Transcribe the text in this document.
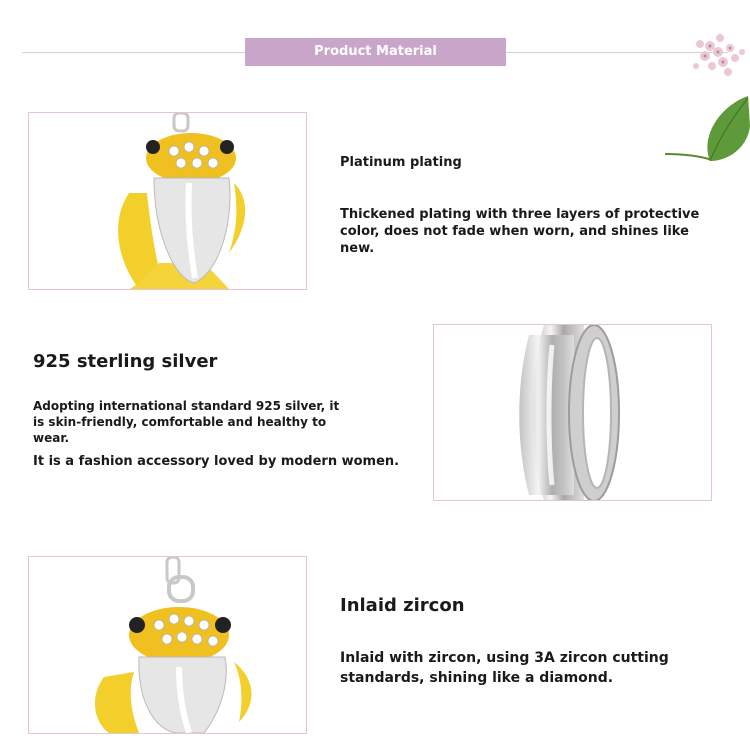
Product Material
Platinum plating
Thickened plating with three layers of protective color, does not fade when worn, and shines like new.
925 sterling silver
Adopting international standard 925 silver, it is skin-friendly, comfortable and healthy to wear.
It is a fashion accessory loved by modern women.
Inlaid zircon
Inlaid with zircon, using 3A zircon cutting standards, shining like a diamond.
